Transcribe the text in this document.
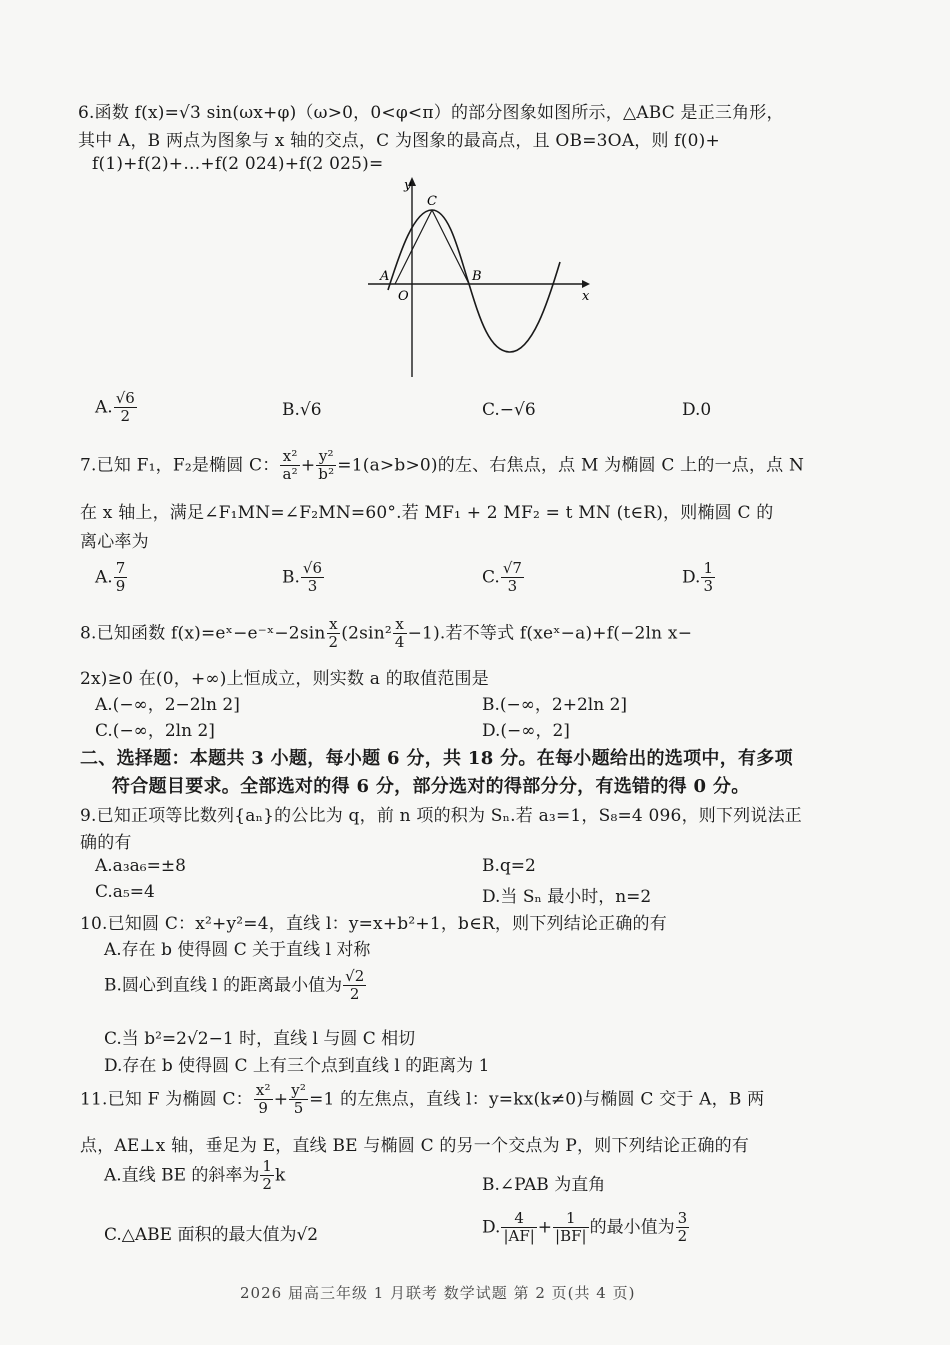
6.函数 f(x)=√3 sin(ωx+φ)（ω>0，0<φ<π）的部分图象如图所示，△ABC 是正三角形，
其中 A，B 两点为图象与 x 轴的交点，C 为图象的最高点，且 OB=3OA，则 f(0)+
f(1)+f(2)+…+f(2 024)+f(2 025)=
y
x
O
A	B
C
A. $\frac{√6}{2}$	B.√6	C.−√6	D.0
7.已知 F₁，F₂是椭圆 C： $\frac{\text{x²}}{\text{a²}} + \frac{\text{y²}}{\text{b²}} =1(a>b>0)$的左、右焦点，点 M 为椭圆 C 上的一点，点 N
在 x 轴上，满足∠F₁MN=∠F₂MN=60°.若 MF₁ + 2 MF₂ = t MN (t∈R)，则椭圆 C 的
离心率为
A. $\frac{7}{9}$	B. $\frac{√6}{3}$	C. $\frac{√7}{3}$	D. $\frac{1}{3}$
8.已知函数 f(x)=eˣ−e⁻ˣ−2sin $\frac{x}{2} (2\sin^2 \frac{x}{4} -1)$.若不等式 f(xeˣ−a)+f(−2ln x−
2x)≥0 在(0，+∞)上恒成立，则实数 a 的取值范围是
A.(−∞，2−2ln 2]	B.(−∞，2+2ln 2]
C.(−∞，2ln 2]	D.(−∞，2]
二、选择题：本题共 3 小题，每小题 6 分，共 18 分。在每小题给出的选项中，有多项
符合题目要求。全部选对的得 6 分，部分选对的得部分分，有选错的得 0 分。
9.已知正项等比数列{aₙ}的公比为 q，前 n 项的积为 Sₙ.若 a₃=1，S₈=4 096，则下列说法正
确的有
A.a₃a₆=±8	B.q=2
C.a₅=4	D.当 Sₙ 最小时，n=2
10.已知圆 C：x²+y²=4，直线 l：y=x+b²+1，b∈R，则下列结论正确的有
A.存在 b 使得圆 C 关于直线 l 对称
B.圆心到直线 l 的距离最小值为 $\frac{√2}{2}$
C.当 b²=2√2−1 时，直线 l 与圆 C 相切
D.存在 b 使得圆 C 上有三个点到直线 l 的距离为 1
11.已知 F 为椭圆 C： $\frac{\text{x²}}{9} + \frac{\text{y²}}{5} =1$ 的左焦点，直线 l：y=kx(k≠0)与椭圆 C 交于 A，B 两
点，AE⊥x 轴，垂足为 E，直线 BE 与椭圆 C 的另一个交点为 P，则下列结论正确的有
A.直线 BE 的斜率为 $\frac{1}{2}$ k	B.∠PAB 为直角
C.△ABE 面积的最大值为√2	D. $\frac{4}{|AF|} + \frac{1}{|BF|}$ 的最小值为 $\frac{3}{2}$
2026 届高三年级 1 月联考 数学试题 第 2 页(共 4 页)
